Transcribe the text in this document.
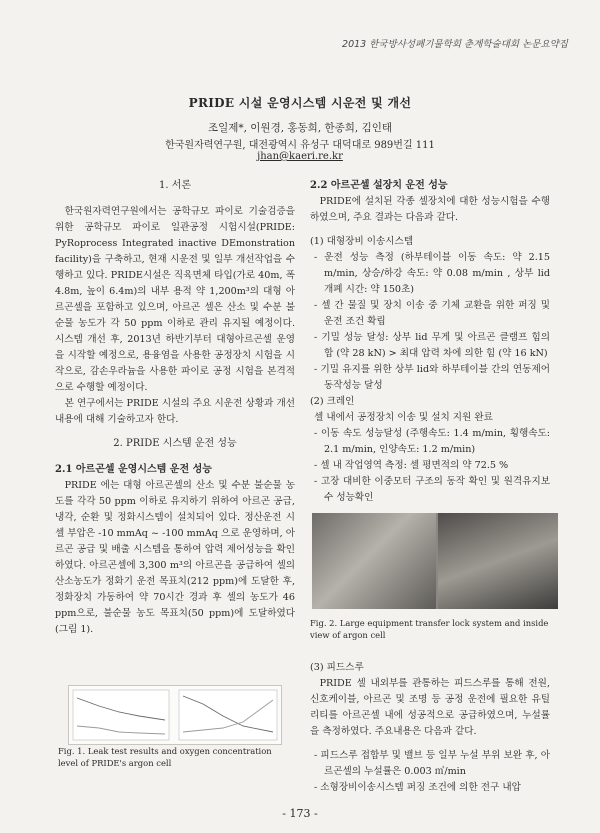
2013 한국방사성폐기물학회 춘계학술대회 논문요약집
PRIDE 시설 운영시스템 시운전 및 개선
조일제*, 이원경, 홍동희, 한종희, 김인태
한국원자력연구원, 대전광역시 유성구 대덕대로 989번길 111
jhan@kaeri.re.kr

1. 서론

한국원자력연구원에서는 공학규모 파이로 기술검증을 위한 공학규모 파이로 일관공정 시험시설(PRIDE: PyRoprocess Integrated inactive DEmonstration facility)을 구축하고, 현재 시운전 및 일부 개선작업을 수행하고 있다. PRIDE시설은 직육면체 타입(가로 40m, 폭 4.8m, 높이 6.4m)의 내부 용적 약 1,200m³의 대형 아르곤셀을 포함하고 있으며, 아르곤 셀은 산소 및 수분 불순물 농도가 각 50 ppm 이하로 관리 유지될 예정이다. 시스템 개선 후, 2013년 하반기부터 대형아르곤셀 운영을 시작할 예정으로, 용융염을 사용한 공정장치 시험을 시작으로, 감손우라늄을 사용한 파이로 공정 시험을 본격적으로 수행할 예정이다.

본 연구에서는 PRIDE 시설의 주요 시운전 상황과 개선내용에 대해 기술하고자 한다.

2. PRIDE 시스템 운전 성능

2.1 아르곤셀 운영시스템 운전 성능

PRIDE 에는 대형 아르곤셀의 산소 및 수분 불순물 농도를 각각 50 ppm 이하로 유지하기 위하여 아르곤 공급, 냉각, 순환 및 정화시스템이 설치되어 있다. 정산운전 시 셀 부압은 -10 mmAq ~ -100 mmAq 으로 운영하며, 아르곤 공급 및 배출 시스템을 통하여 압력 제어성능을 확인하였다. 아르곤셀에 3,300 m³의 아르곤을 공급하여 셀의 산소농도가 정화기 운전 목표치(212 ppm)에 도달한 후, 정화장치 가동하여 약 70시간 경과 후 셀의 농도가 46 ppm으로, 불순물 농도 목표치(50 ppm)에 도달하였다(그림 1).

Fig. 1. Leak test results and oxygen concentration level of PRIDE's argon cell

2.2 아르곤셀 설장치 운전 성능

PRIDE에 설치된 각종 셀장치에 대한 성능시험을 수행하였으며, 주요 결과는 다음과 같다.

(1) 대형장비 이송시스템

- 운전 성능 측정 (하부테이블 이동 속도: 약 2.15 m/min, 상승/하강 속도: 약 0.08 m/min , 상부 lid 개폐 시간: 약 150초)

- 셀 간 물질 및 장치 이송 중 기체 교환을 위한 퍼징 및 운전 조건 확립

- 기밀 성능 달성: 상부 lid 무게 및 아르곤 클램프 힘의 합 (약 28 kN) > 최대 압력 차에 의한 힘 (약 16 kN)

- 기밀 유지를 위한 상부 lid와 하부테이블 간의 연동제어 동작성능 달성

(2) 크레인

셀 내에서 공정장치 이송 및 설치 지원 완료

- 이동 속도 성능달성 (주행속도: 1.4 m/min, 횡행속도: 2.1 m/min, 인양속도: 1.2 m/min)

- 셀 내 작업영역 측정: 셀 평면적의 약 72.5 %

- 고장 대비한 이중모터 구조의 동작 확인 및 원격유지보수 성능확인

Fig. 2. Large equipment transfer lock system and inside view of argon cell

(3) 피드스루

PRIDE 셀 내외부를 관통하는 피드스루를 통해 전원, 신호케이블, 아르곤 및 조명 등 공정 운전에 필요한 유틸리티를 아르곤셀 내에 성공적으로 공급하였으며, 누설률을 측정하였다. 주요내용은 다음과 같다.

- 피드스루 접합부 및 밸브 등 일부 누설 부위 보완 후, 아르곤셀의 누설률은 0.003 ㎥/min

- 소형장비이송시스템 퍼징 조건에 의한 전구 내압

- 173 -
